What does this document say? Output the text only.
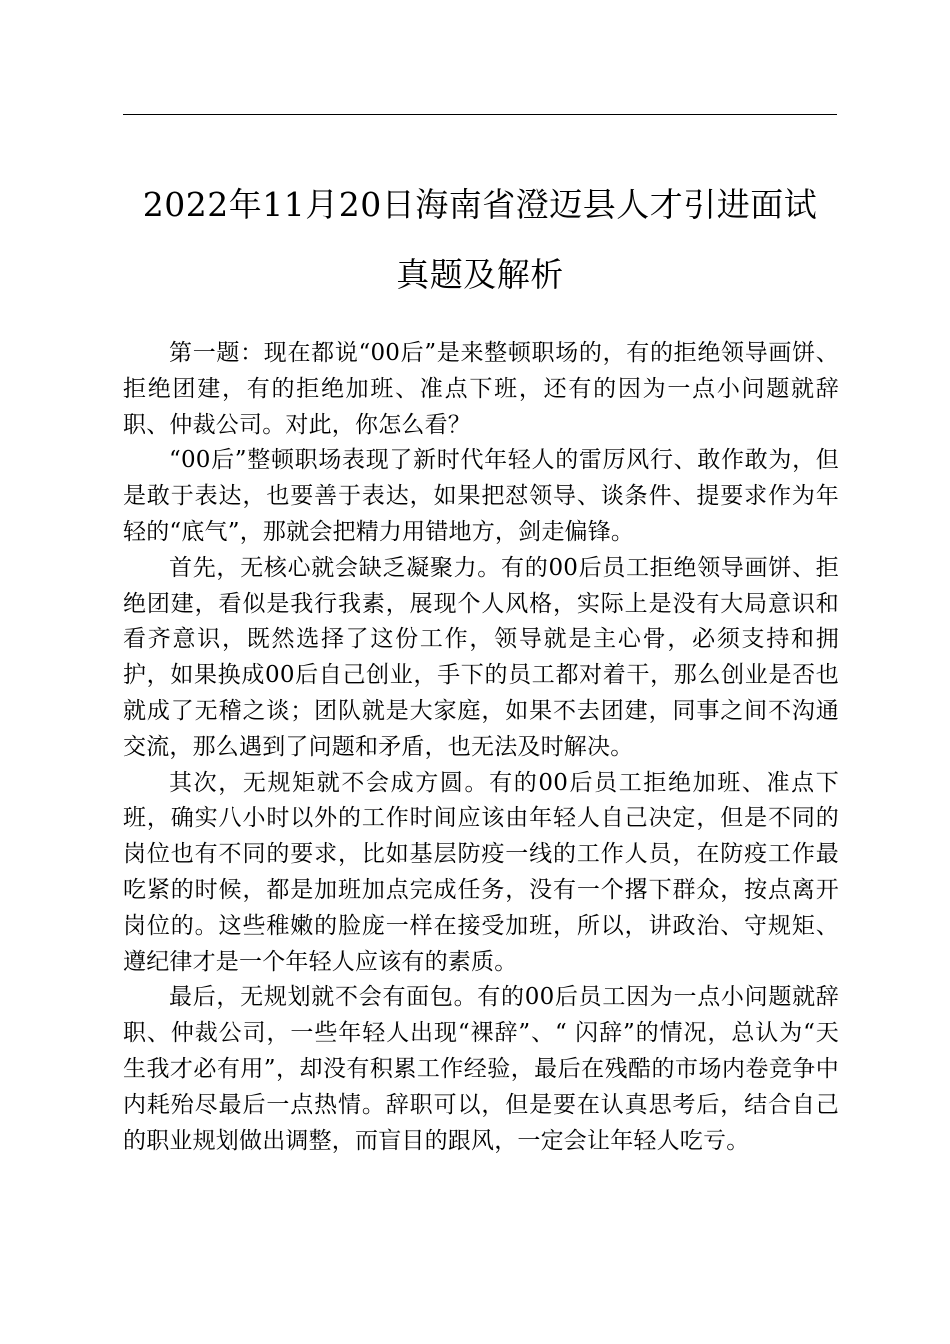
2022年11月20日海南省澄迈县人才引进面试
真题及解析

第一题：现在都说“00后”是来整顿职场的，有的拒绝领导画饼、拒绝团建，有的拒绝加班、准点下班，还有的因为一点小问题就辞职、仲裁公司。对此，你怎么看？

“00后”整顿职场表现了新时代年轻人的雷厉风行、敢作敢为，但是敢于表达，也要善于表达，如果把怼领导、谈条件、提要求作为年轻的“底气”，那就会把精力用错地方，剑走偏锋。

首先，无核心就会缺乏凝聚力。有的00后员工拒绝领导画饼、拒绝团建，看似是我行我素，展现个人风格，实际上是没有大局意识和看齐意识，既然选择了这份工作，领导就是主心骨，必须支持和拥护，如果换成00后自己创业，手下的员工都对着干，那么创业是否也就成了无稽之谈；团队就是大家庭，如果不去团建，同事之间不沟通交流，那么遇到了问题和矛盾，也无法及时解决。

其次，无规矩就不会成方圆。有的00后员工拒绝加班、准点下班，确实八小时以外的工作时间应该由年轻人自己决定，但是不同的岗位也有不同的要求，比如基层防疫一线的工作人员，在防疫工作最吃紧的时候，都是加班加点完成任务，没有一个撂下群众，按点离开岗位的。这些稚嫩的脸庞一样在接受加班，所以，讲政治、守规矩、遵纪律才是一个年轻人应该有的素质。

最后，无规划就不会有面包。有的00后员工因为一点小问题就辞职、仲裁公司，一些年轻人出现“裸辞”、“ 闪辞”的情况，总认为“天生我才必有用”，却没有积累工作经验，最后在残酷的市场内卷竞争中内耗殆尽最后一点热情。辞职可以，但是要在认真思考后，结合自己的职业规划做出调整，而盲目的跟风，一定会让年轻人吃亏。
